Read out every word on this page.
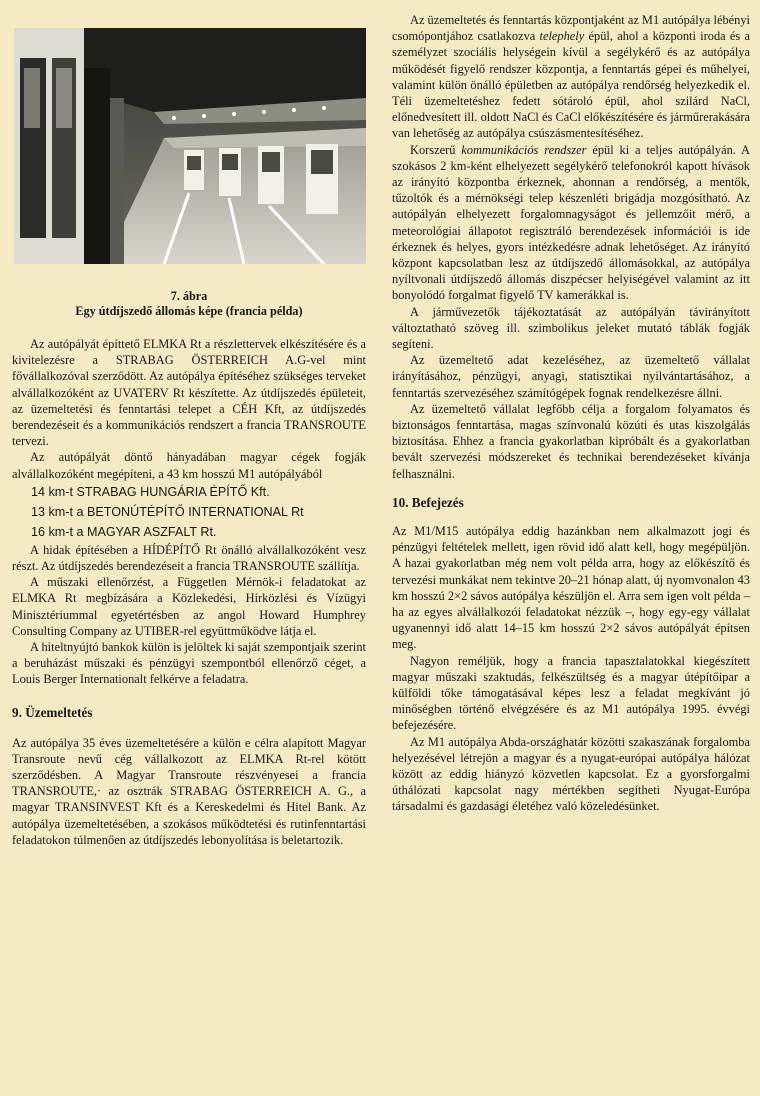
7. ábra
Egy útdíjszedő állomás képe (francia példa)

Az autópályát építtető ELMKA Rt a részlettervek elkészítésére és a kivitelezésre a STRABAG ÖSTERREICH A.G-vel mint fővállalkozóval szerződött. Az autópálya építéséhez szükséges terveket alvállalkozóként az UVATERV Rt készítette. Az útdíjszedés épületeit, az üzemeltetési és fenntartási telepet a CÉH Kft, az útdíjszedés berendezéseit és a kommunikációs rendszert a francia TRANSROUTE tervezi.

Az autópályát döntő hányadában magyar cégek fogják alvállalkozóként megépíteni, a 43 km hosszú M1 autópályából

14 km-t STRABAG HUNGÁRIA ÉPÍTŐ Kft.
13 km-t a BETONÚTÉPÍTŐ INTERNATIONAL Rt
16 km-t a MAGYAR ASZFALT Rt.

A hidak építésében a HÍDÉPÍTŐ Rt önálló alvállalkozóként vesz részt. Az útdíjszedés berendezéseit a francia TRANSROUTE szállítja.

A műszaki ellenőrzést, a Független Mérnök-i feladatokat az ELMKA Rt megbízására a Közlekedési, Hírközlési és Vízügyi Minisztériummal egyetértésben az angol Howard Humphrey Consulting Company az UTIBER-rel együttműködve látja el.

A hiteltnyújtó bankok külön is jelöltek ki saját szempontjaik szerint a beruházást műszaki és pénzügyi szempontból ellenőrző céget, a Louis Berger Internationalt felkérve a feladatra.

9. Üzemeltetés

Az autópálya 35 éves üzemeltetésére a külön e célra alapított Magyar Transroute nevű cég vállalkozott az ELMKA Rt-rel kötött szerződésben. A Magyar Transroute részvényesei a francia TRANSROUTE,· az osztrák STRABAG ÖSTERREICH A. G., a magyar TRANSINVEST Kft és a Kereskedelmi és Hitel Bank. Az autópálya üzemeltetésében, a szokásos működtetési és rutinfenntartási feladatokon túlmenően az útdíjszedés lebonyolítása is beletartozik.

Az üzemeltetés és fenntartás központjaként az M1 autópálya lébényi csomópontjához csatlakozva telephely épül, ahol a központi iroda és a személyzet szociális helységein kívül a segélykérő és az autópálya működését figyelő rendszer központja, a fenntartás gépei és műhelyei, valamint külön önálló épületben az autópálya rendőrség helyezkedik el. Téli üzemeltetéshez fedett sótároló épül, ahol szilárd NaCl, előnedvesített ill. oldott NaCl és CaCl előkészítésére és járműrerakására van lehetőség az autópálya csúszásmentesítéséhez.

Korszerű kommunikációs rendszer épül ki a teljes autópályán. A szokásos 2 km-ként elhelyezett segélykérő telefonokról kapott hívások az irányító központba érkeznek, ahonnan a rendőrség, a mentők, tűzoltók és a mérnökségi telep készenléti brigádja mozgósítható. Az autópályán elhelyezett forgalomnagyságot és jellemzőit mérő, a meteorológiai állapotot regisztráló berendezések információi is ide érkeznek és helyes, gyors intézkedésre adnak lehetőséget. Az irányító központ kapcsolatban lesz az útdíjszedő állomásokkal, az autópálya nyíltvonali útdíjszedő állomás diszpécser helyiségével valamint az itt bonyolódó forgalmat figyelő TV kamerákkal is.

A járművezetők tájékoztatását az autópályán távirányított változtatható szöveg ill. szimbolikus jeleket mutató táblák fogják segíteni.

Az üzemeltető adat kezeléséhez, az üzemeltető vállalat irányításához, pénzügyi, anyagi, statisztikai nyilvántartásához, a fenntartás szervezéséhez számítógépek fognak rendelkezésre állni.

Az üzemeltető vállalat legfőbb célja a forgalom folyamatos és biztonságos fenntartása, magas színvonalú közúti és utas kiszolgálás biztosítása. Ehhez a francia gyakorlatban kipróbált és a gyakorlatban bevált szervezési módszereket és technikai berendezéseket kívánja felhasználni.

10. Befejezés

Az M1/M15 autópálya eddig hazánkban nem alkalmazott jogi és pénzügyi feltételek mellett, igen rövid idő alatt kell, hogy megépüljön. A hazai gyakorlatban még nem volt példa arra, hogy az előkészítő és tervezési munkákat nem tekintve 20–21 hónap alatt, új nyomvonalon 43 km hosszú 2×2 sávos autópálya készüljön el. Arra sem igen volt példa – ha az egyes alvállalkozói feladatokat nézzük –, hogy egy-egy vállalat ugyanennyi idő alatt 14–15 km hosszú 2×2 sávos autópályát építsen meg.

Nagyon reméljük, hogy a francia tapasztalatokkal kiegészített magyar műszaki szaktudás, felkészültség és a magyar útépítőipar a külföldi tőke támogatásával képes lesz a feladat megkívánt jó minőségben történő elvégzésére és az M1 autópálya 1995. évvégi befejezésére.

Az M1 autópálya Abda-országhatár közötti szakaszának forgalomba helyezésével létrejön a magyar és a nyugat-európai autópálya hálózat között az eddig hiányzó közvetlen kapcsolat. Ez a gyorsforgalmi úthálózati kapcsolat nagy mértékben segítheti Nyugat-Európa társadalmi és gazdasági életéhez való közeledésünket.
